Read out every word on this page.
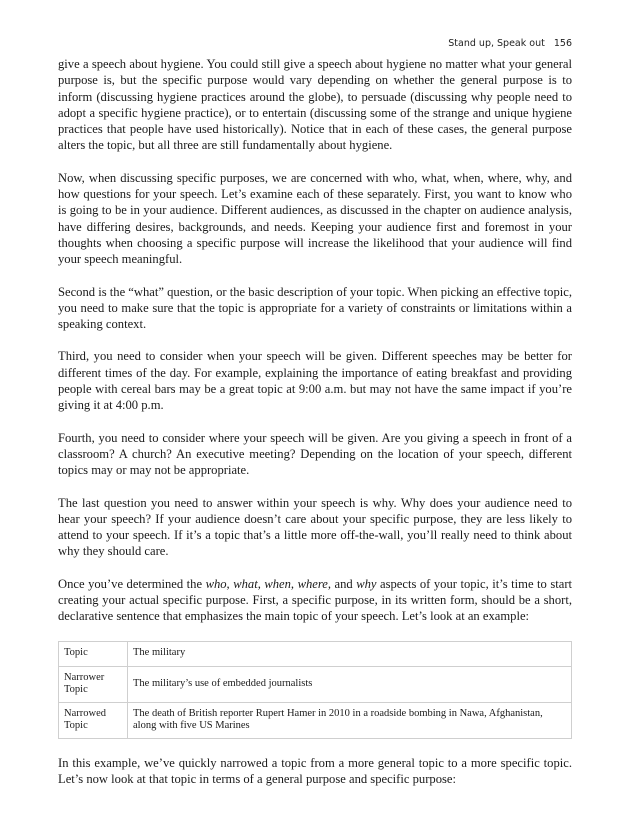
Stand up, Speak out 156

give a speech about hygiene. You could still give a speech about hygiene no matter what your general purpose is, but the specific purpose would vary depending on whether the general purpose is to inform (discussing hygiene practices around the globe), to persuade (discussing why people need to adopt a specific hygiene practice), or to entertain (discussing some of the strange and unique hygiene practices that people have used historically). Notice that in each of these cases, the general purpose alters the topic, but all three are still fundamentally about hygiene.

Now, when discussing specific purposes, we are concerned with who, what, when, where, why, and how questions for your speech. Let’s examine each of these separately. First, you want to know who is going to be in your audience. Different audiences, as discussed in the chapter on audience analysis, have differing desires, backgrounds, and needs. Keeping your audience first and foremost in your thoughts when choosing a specific purpose will increase the likelihood that your audience will find your speech meaningful.

Second is the “what” question, or the basic description of your topic. When picking an effective topic, you need to make sure that the topic is appropriate for a variety of constraints or limitations within a speaking context.

Third, you need to consider when your speech will be given. Different speeches may be better for different times of the day. For example, explaining the importance of eating breakfast and providing people with cereal bars may be a great topic at 9:00 a.m. but may not have the same impact if you’re giving it at 4:00 p.m.

Fourth, you need to consider where your speech will be given. Are you giving a speech in front of a classroom? A church? An executive meeting? Depending on the location of your speech, different topics may or may not be appropriate.

The last question you need to answer within your speech is why. Why does your audience need to hear your speech? If your audience doesn’t care about your specific purpose, they are less likely to attend to your speech. If it’s a topic that’s a little more off-the-wall, you’ll really need to think about why they should care.

Once you’ve determined the who, what, when, where, and why aspects of your topic, it’s time to start creating your actual specific purpose. First, a specific purpose, in its written form, should be a short, declarative sentence that emphasizes the main topic of your speech. Let’s look at an example:

Topic	The military
Narrower Topic	The military’s use of embedded journalists
Narrowed Topic	The death of British reporter Rupert Hamer in 2010 in a roadside bombing in Nawa, Afghanistan, along with five US Marines

In this example, we’ve quickly narrowed a topic from a more general topic to a more specific topic. Let’s now look at that topic in terms of a general purpose and specific purpose:
